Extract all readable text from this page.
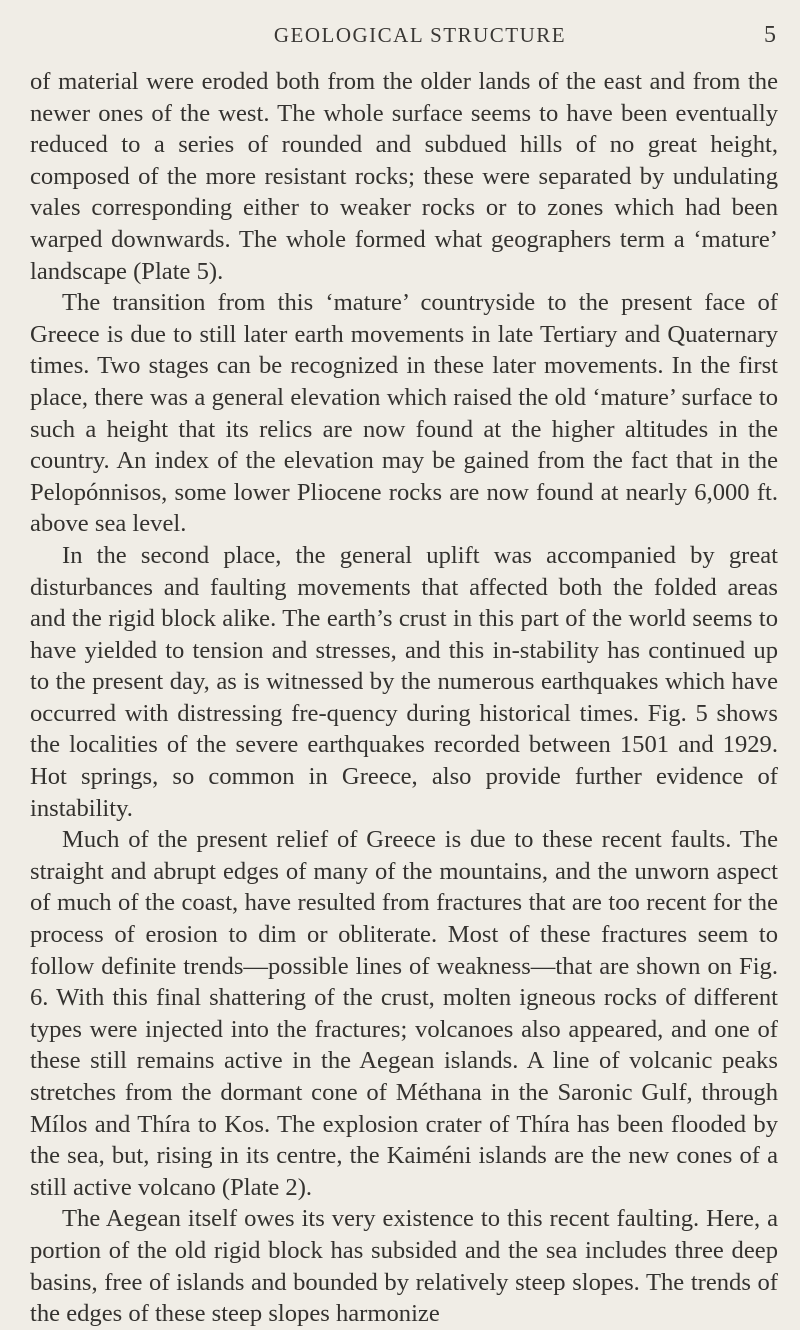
GEOLOGICAL STRUCTURE	5

of material were eroded both from the older lands of the east and from the newer ones of the west. The whole surface seems to have been eventually reduced to a series of rounded and subdued hills of no great height, composed of the more resistant rocks; these were separated by undulating vales corresponding either to weaker rocks or to zones which had been warped downwards. The whole formed what geographers term a ‘mature’ landscape (Plate 5).

The transition from this ‘mature’ countryside to the present face of Greece is due to still later earth movements in late Tertiary and Quaternary times. Two stages can be recognized in these later movements. In the first place, there was a general elevation which raised the old ‘mature’ surface to such a height that its relics are now found at the higher altitudes in the country. An index of the elevation may be gained from the fact that in the Pelopónnisos, some lower Pliocene rocks are now found at nearly 6,000 ft. above sea level.

In the second place, the general uplift was accompanied by great disturbances and faulting movements that affected both the folded areas and the rigid block alike. The earth’s crust in this part of the world seems to have yielded to tension and stresses, and this in-stability has continued up to the present day, as is witnessed by the numerous earthquakes which have occurred with distressing fre-quency during historical times. Fig. 5 shows the localities of the severe earthquakes recorded between 1501 and 1929. Hot springs, so common in Greece, also provide further evidence of instability.

Much of the present relief of Greece is due to these recent faults. The straight and abrupt edges of many of the mountains, and the unworn aspect of much of the coast, have resulted from fractures that are too recent for the process of erosion to dim or obliterate. Most of these fractures seem to follow definite trends—possible lines of weakness—that are shown on Fig. 6. With this final shattering of the crust, molten igneous rocks of different types were injected into the fractures; volcanoes also appeared, and one of these still remains active in the Aegean islands. A line of volcanic peaks stretches from the dormant cone of Méthana in the Saronic Gulf, through Mílos and Thíra to Kos. The explosion crater of Thíra has been flooded by the sea, but, rising in its centre, the Kaiméni islands are the new cones of a still active volcano (Plate 2).

The Aegean itself owes its very existence to this recent faulting. Here, a portion of the old rigid block has subsided and the sea includes three deep basins, free of islands and bounded by relatively steep slopes. The trends of the edges of these steep slopes harmonize
